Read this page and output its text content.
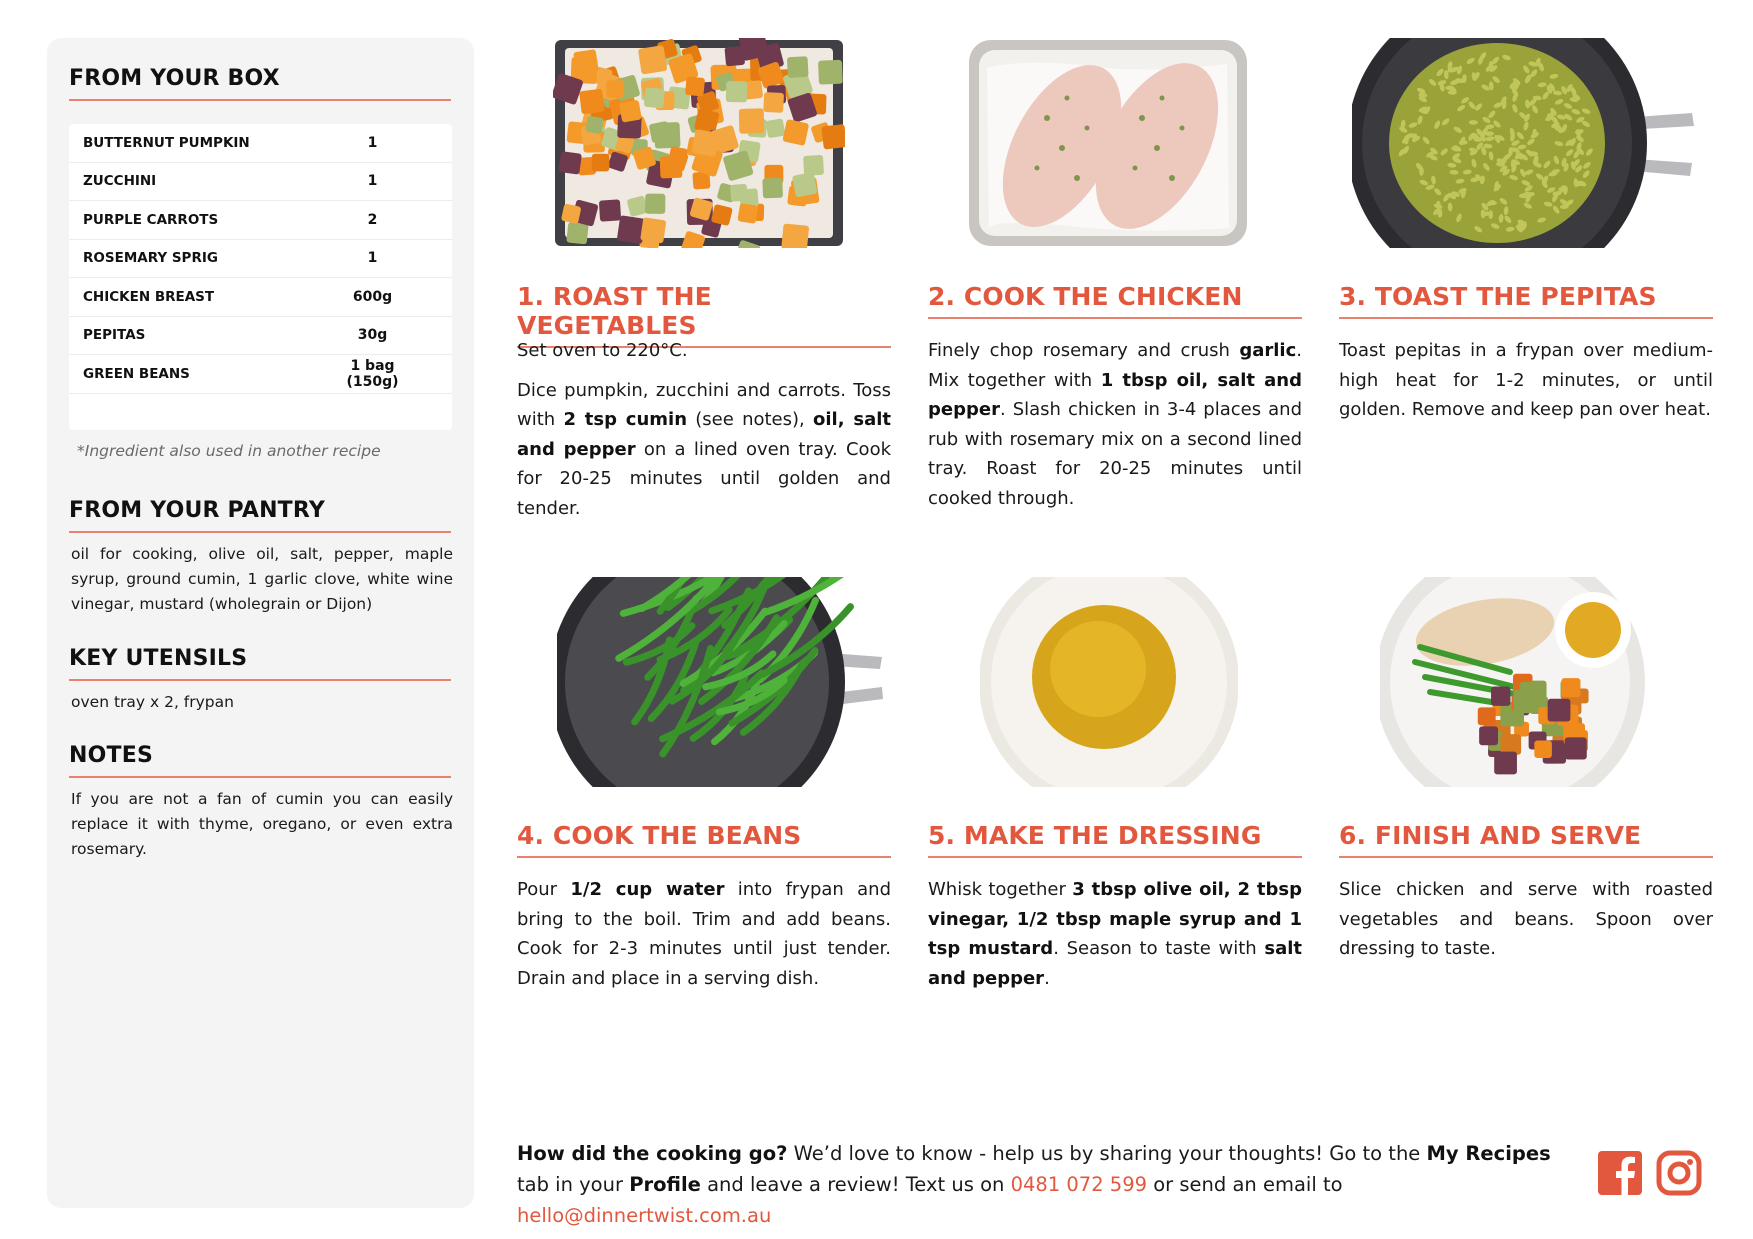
FROM YOUR BOX
BUTTERNUT PUMPKIN	1
ZUCCHINI	1
PURPLE CARROTS	2
ROSEMARY SPRIG	1
CHICKEN BREAST	600g
PEPITAS	30g
GREEN BEANS	1 bag (150g)
*Ingredient also used in another recipe
FROM YOUR PANTRY
oil for cooking, olive oil, salt, pepper, maple syrup, ground cumin, 1 garlic clove, white wine vinegar, mustard (wholegrain or Dijon)
KEY UTENSILS
oven tray x 2, frypan
NOTES
If you are not a fan of cumin you can easily replace it with thyme, oregano, or even extra rosemary.
1. ROAST THE VEGETABLES

Set oven to 220°C.

Dice pumpkin, zucchini and carrots. Toss with 2 tsp cumin (see notes), oil, salt and pepper on a lined oven tray. Cook for 20-25 minutes until golden and tender.

2. COOK THE CHICKEN

Finely chop rosemary and crush garlic. Mix together with 1 tbsp oil, salt and pepper. Slash chicken in 3-4 places and rub with rosemary mix on a second lined tray. Roast for 20-25 minutes until cooked through.

3. TOAST THE PEPITAS

Toast pepitas in a frypan over medium-high heat for 1-2 minutes, or until golden. Remove and keep pan over heat.

4. COOK THE BEANS

Pour 1/2 cup water into frypan and bring to the boil. Trim and add beans. Cook for 2-3 minutes until just tender. Drain and place in a serving dish.

5. MAKE THE DRESSING

Whisk together 3 tbsp olive oil, 2 tbsp vinegar, 1/2 tbsp maple syrup and 1 tsp mustard. Season to taste with salt and pepper.

6. FINISH AND SERVE

Slice chicken and serve with roasted vegetables and beans. Spoon over dressing to taste.

How did the cooking go? We’d love to know - help us by sharing your thoughts! Go to the My Recipes tab in your Profile and leave a review! Text us on 0481 072 599 or send an email to hello@dinnertwist.com.au
